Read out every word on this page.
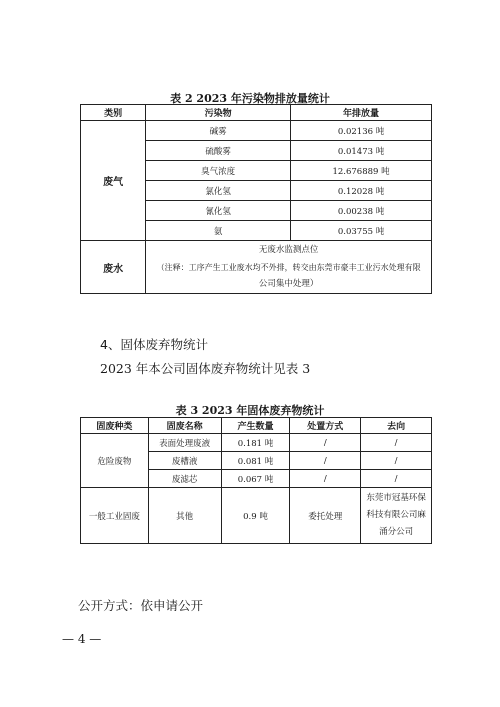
表 2 2023 年污染物排放量统计
类别	污染物	年排放量
废气	碱雾	0.02136 吨
	硫酸雾	0.01473 吨
	臭气浓度	12.676889 吨
	氯化氢	0.12028 吨
	氰化氢	0.00238 吨
	氨	0.03755 吨
废水	无废水监测点位
（注释：工序产生工业废水均不外排，转交由东莞市豪丰工业污水处理有限
公司集中处理）	
4、固体废弃物统计
2023 年本公司固体废弃物统计见表 3
表 3 2023 年固体废弃物统计
固废种类	固废名称	产生数量	处置方式	去向
危险废物	表面处理废液	0.181 吨	/	/
	废槽液	0.081 吨	/	/
	废滤芯	0.067 吨	/	/
一般工业固废	其他	0.9 吨	委托处理	东莞市冠基环保
科技有限公司麻
涌分公司
公开方式：依申请公开
— 4 —
